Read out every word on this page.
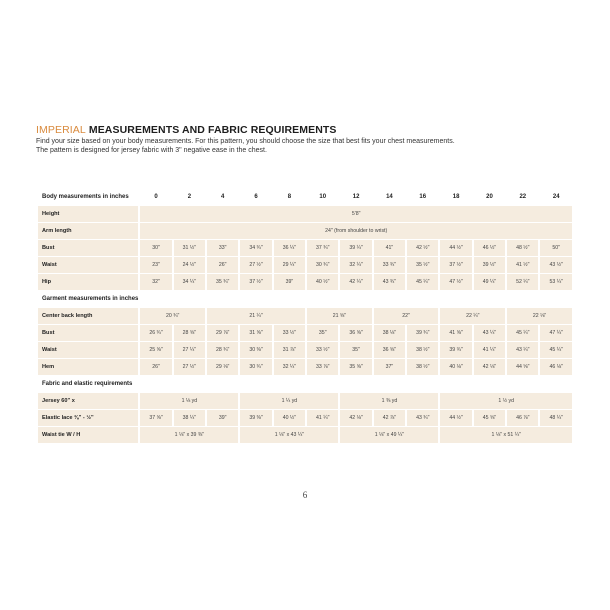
IMPERIAL MEASUREMENTS AND FABRIC REQUIREMENTS

Find your size based on your body measurements. For this pattern, you should choose the size that best fits your chest measurements.
The pattern is designed for jersey fabric with 3" negative ease in the chest.

Body measurements in inches	0	2	4	6	8	10	12	14	16	18	20	22	24
Height	5'8"												
Arm length	24" (from shoulder to wrist)												
Bust	30"	31 ½"	33"	34 ¾"	36 ¼"	37 ¾"	39 ¼"	41"	42 ½"	44 ½"	46 ½"	48 ½"	50"
Waist	23"	24 ½"	26"	27 ½"	29 ¼"	30 ¾"	32 ¼"	33 ¾"	35 ½"	37 ½"	39 ½"	41 ½"	43 ½"
Hip	32"	34 ¼"	35 ¾"	37 ½"	39"	40 ½"	42 ¼"	43 ¾"	45 ¼"	47 ½"	49 ¼"	52 ¼"	53 ¼"
Garment measurements in inches													
Center back length	20 ¾"		21 ¼"			21 ⅝"		22"		22 ¼"		22 ⅛"	
Bust	26 ¾"	28 ⅝"	29 ⅞"	31 ⅝"	33 ½"	35"	36 ⅝"	38 ⅛"	39 ¾"	41 ⅝"	43 ¼"	45 ¼"	47 ¼"
Waist	25 ⅝"	27 ¼"	28 ¾"	30 ⅜"	31 ⅞"	33 ½"	35"	36 ⅝"	38 ½"	39 ¾"	41 ¼"	43 ¼"	45 ¼"
Hem	26"	27 ½"	29 ⅛"	30 ¾"	32 ¼"	33 ⅞"	35 ⅝"	37"	38 ½"	40 ⅛"	42 ⅛"	44 ⅝"	46 ⅛"
Fabric and elastic requirements													
Jersey 60" x	1 ⅛ yd			1 ¼ yd			1 ⅜ yd			1 ½ yd			
Elastic lace ⅜" - ½"	37 ⅝"	38 ¼"	39"	39 ⅜"	40 ½"	41 ¼"	42 ⅛"	42 ⅞"	43 ¾"	44 ½"	45 ⅝"	46 ⅞"	48 ¼"
Waist tie W / H	1 ⅛" x 39 ⅜"			1 ⅛" x 43 ¼"			1 ⅛" x 49 ¼"			1 ⅛" x 51 ¼"			
6
